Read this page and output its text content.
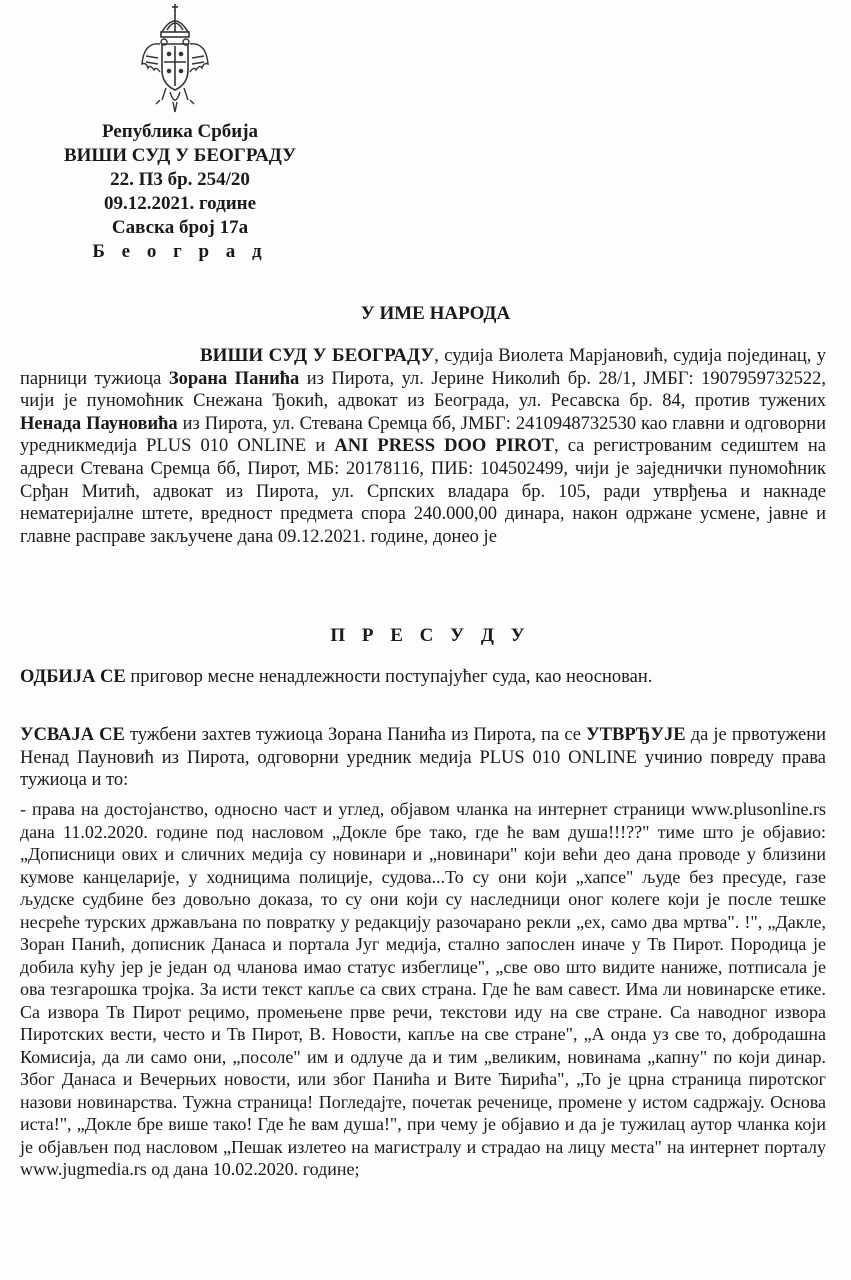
Република Србија
ВИШИ СУД У БЕОГРАДУ
22. П3 бр. 254/20
09.12.2021. године
Савска број 17а
Б е о г р а д
У ИМЕ НАРОДА
ВИШИ СУД У БЕОГРАДУ, судија Виолета Марјановић, судија појединац, у парници тужиоца Зорана Панића из Пирота, ул. Јерине Николић бр. 28/1, ЈМБГ: 1907959732522, чији је пуномоћник Снежана Ђокић, адвокат из Београда, ул. Ресавска бр. 84, против тужених Ненада Пауновића из Пирота, ул. Стевана Сремца бб, ЈМБГ: 2410948732530 као главни и одговорни уредникмедија PLUS 010 ONLINE и ANI PRESS DOO PIROT, са регистрованим седиштем на адреси Стевана Сремца бб, Пирот, МБ: 20178116, ПИБ: 104502499, чији је заједнички пуномоћник Срђан Митић, адвокат из Пирота, ул. Српских владара бр. 105, ради утврђења и накнаде нематеријалне штете, вредност предмета спора 240.000,00 динара, након одржане усмене, јавне и главне расправе закључене дана 09.12.2021. године, донео је
П Р Е С У Д У
ОДБИЈА СЕ приговор месне ненадлежности поступајућег суда, као неоснован.
УСВАЈА СЕ тужбени захтев тужиоца Зорана Панића из Пирота, па се УТВРЂУЈЕ да је првотужени Ненад Пауновић из Пирота, одговорни уредник медија PLUS 010 ONLINE учинио повреду права тужиоца и то:
- права на достојанство, односно част и углед, објавом чланка на интернет страници www.plusonline.rs дана 11.02.2020. године под насловом „Докле бре тако, где ће вам душа!!!??" тиме што је објавио: „Дописници ових и сличних медија су новинари и „новинари" који већи део дана проводе у близини кумове канцеларије, у ходницима полиције, судова...То су они који „хапсе" људе без пресуде, газе људске судбине без довољно доказа, то су они који су наследници оног колеге који је после тешке несреће турских држављана по повратку у редакцију разочарано рекли „ех, само два мртва". !", „Дакле, Зоран Панић, дописник Данаса и портала Југ медија, стално запослен иначе у Тв Пирот. Породица је добила кућу јер је један од чланова имао статус избеглице", „све ово што видите наниже, потписала је ова тезгарошка тројка. За исти текст капље са свих страна. Где ће вам савест. Има ли новинарске етике. Са извора Тв Пирот рецимо, промењене прве речи, текстови иду на све стране. Са наводног извора Пиротских вести, често и Тв Пирот, В. Новости, капље на све стране", „А онда уз све то, добродашна Комисија, да ли само они, „посоле" им и одлуче да и тим „великим, новинама „капну" по који динар. Због Данаса и Вечерњих новости, или због Панића и Вите Ћирића", „То је црна страница пиротског назови новинарства. Тужна страница! Погледајте, почетак реченице, промене у истом садржају. Основа иста!", „Докле бре више тако! Где ће вам душа!", при чему је објавио и да је тужилац аутор чланка који је објављен под насловом „Пешак излетео на магистралу и страдао на лицу места" на интернет порталу www.jugmedia.rs од дана 10.02.2020. године;
